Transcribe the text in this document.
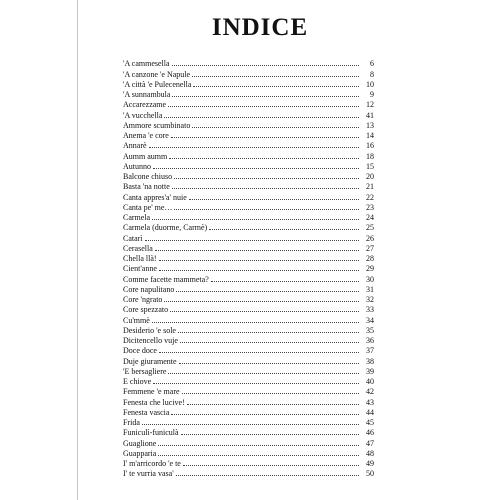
INDICE
'A cammesella	6
'A canzone 'e Napule	8
'A città 'e Pulecenella	10
'A sunnambula	9
Accarezzame	12
'A vucchella	41
Ammore scumbinato	13
Anema 'e core	14
Annarè	16
Aumm aumm	18
Autunno	15
Balcone chiuso	20
Basta 'na notte	21
Canta appres'a' nuie	22
Canta pe' me…	23
Carmela	24
Carmela (duorme, Carmè)	25
Catarì	26
Cerasella	27
Chella llà!	28
Cient'anne	29
Comme facette mammeta?	30
Core napulitano	31
Core 'ngrato	32
Core spezzato	33
Cu'mmè	34
Desiderio 'e sole	35
Dicitencello vuje	36
Doce doce	37
Duje giuramente	38
'E bersagliere	39
E chiove	40
Femmene 'e mare	42
Fenesta che lucive!	43
Fenesta vascia	44
Frida	45
Funiculì-funiculà	46
Guaglione	47
Guapparia	48
I' m'arricordo 'e te	49
I' te vurria vasa'	50
